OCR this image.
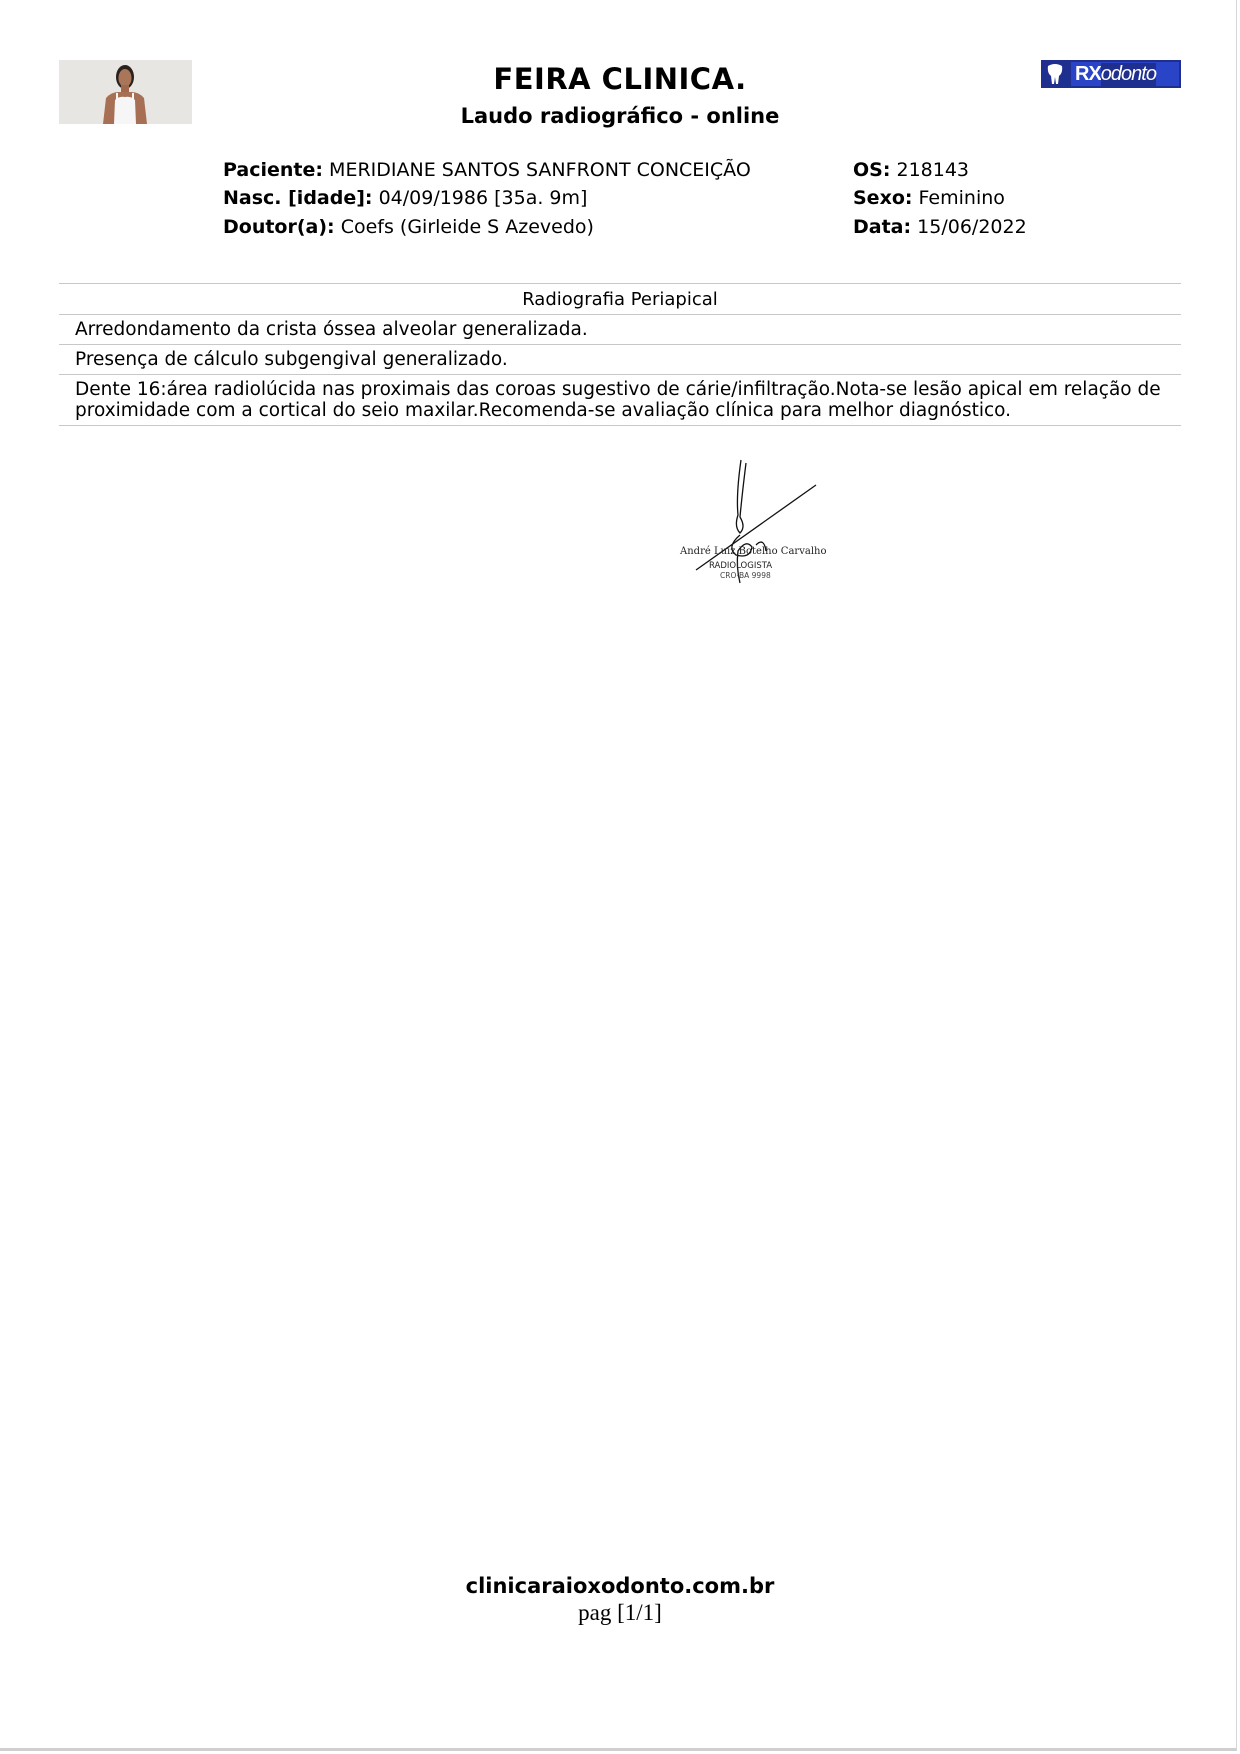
RX odonto
FEIRA CLINICA.
Laudo radiográfico - online
Paciente: MERIDIANE SANTOS SANFRONT CONCEIÇÃO
Nasc. [idade]: 04/09/1986 [35a. 9m]
Doutor(a): Coefs (Girleide S Azevedo)
OS: 218143
Sexo: Feminino
Data: 15/06/2022
Radiografia Periapical
Arredondamento da crista óssea alveolar generalizada.
Presença de cálculo subgengival generalizado.
Dente 16:área radiolúcida nas proximais das coroas sugestivo de cárie/infiltração.Nota-se lesão apical em relação de proximidade com a cortical do seio maxilar.Recomenda-se avaliação clínica para melhor diagnóstico.
André Luiz Botelho Carvalho
RADIOLOGISTA
CRO-BA 9998
clinicaraioxodonto.com.br
pag [1/1]
